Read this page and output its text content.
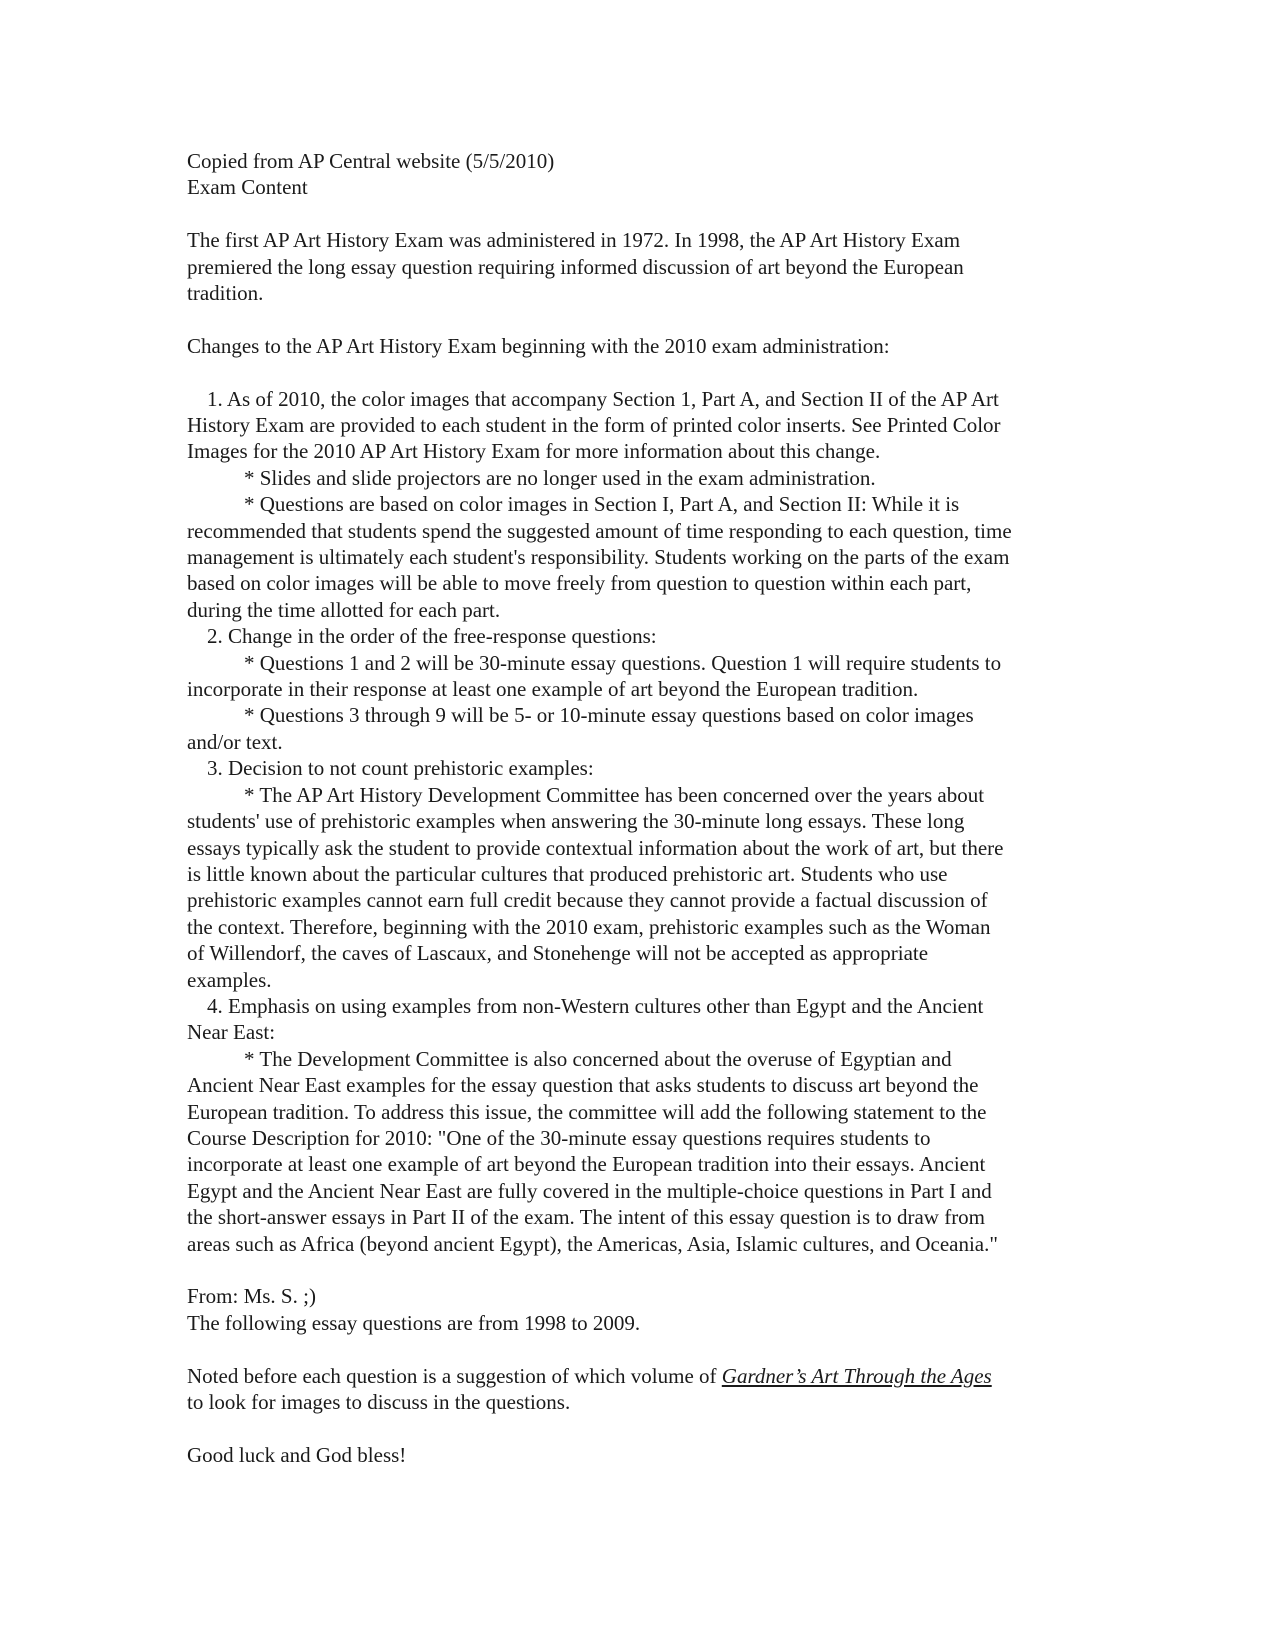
Copied from AP Central website (5/5/2010)
Exam Content
The first AP Art History Exam was administered in 1972. In 1998, the AP Art History Exam
premiered the long essay question requiring informed discussion of art beyond the European
tradition.
Changes to the AP Art History Exam beginning with the 2010 exam administration:
1. As of 2010, the color images that accompany Section 1, Part A, and Section II of the AP Art
History Exam are provided to each student in the form of printed color inserts. See Printed Color
Images for the 2010 AP Art History Exam for more information about this change.
* Slides and slide projectors are no longer used in the exam administration.
* Questions are based on color images in Section I, Part A, and Section II: While it is
recommended that students spend the suggested amount of time responding to each question, time
management is ultimately each student's responsibility. Students working on the parts of the exam
based on color images will be able to move freely from question to question within each part,
during the time allotted for each part.
2. Change in the order of the free-response questions:
* Questions 1 and 2 will be 30-minute essay questions. Question 1 will require students to
incorporate in their response at least one example of art beyond the European tradition.
* Questions 3 through 9 will be 5- or 10-minute essay questions based on color images
and/or text.
3. Decision to not count prehistoric examples:
* The AP Art History Development Committee has been concerned over the years about
students' use of prehistoric examples when answering the 30-minute long essays. These long
essays typically ask the student to provide contextual information about the work of art, but there
is little known about the particular cultures that produced prehistoric art. Students who use
prehistoric examples cannot earn full credit because they cannot provide a factual discussion of
the context. Therefore, beginning with the 2010 exam, prehistoric examples such as the Woman
of Willendorf, the caves of Lascaux, and Stonehenge will not be accepted as appropriate
examples.
4. Emphasis on using examples from non-Western cultures other than Egypt and the Ancient
Near East:
* The Development Committee is also concerned about the overuse of Egyptian and
Ancient Near East examples for the essay question that asks students to discuss art beyond the
European tradition. To address this issue, the committee will add the following statement to the
Course Description for 2010: "One of the 30-minute essay questions requires students to
incorporate at least one example of art beyond the European tradition into their essays. Ancient
Egypt and the Ancient Near East are fully covered in the multiple-choice questions in Part I and
the short-answer essays in Part II of the exam. The intent of this essay question is to draw from
areas such as Africa (beyond ancient Egypt), the Americas, Asia, Islamic cultures, and Oceania."
From: Ms. S. ;)
The following essay questions are from 1998 to 2009.
Noted before each question is a suggestion of which volume of Gardner’s Art Through the Ages
to look for images to discuss in the questions.
Good luck and God bless!
